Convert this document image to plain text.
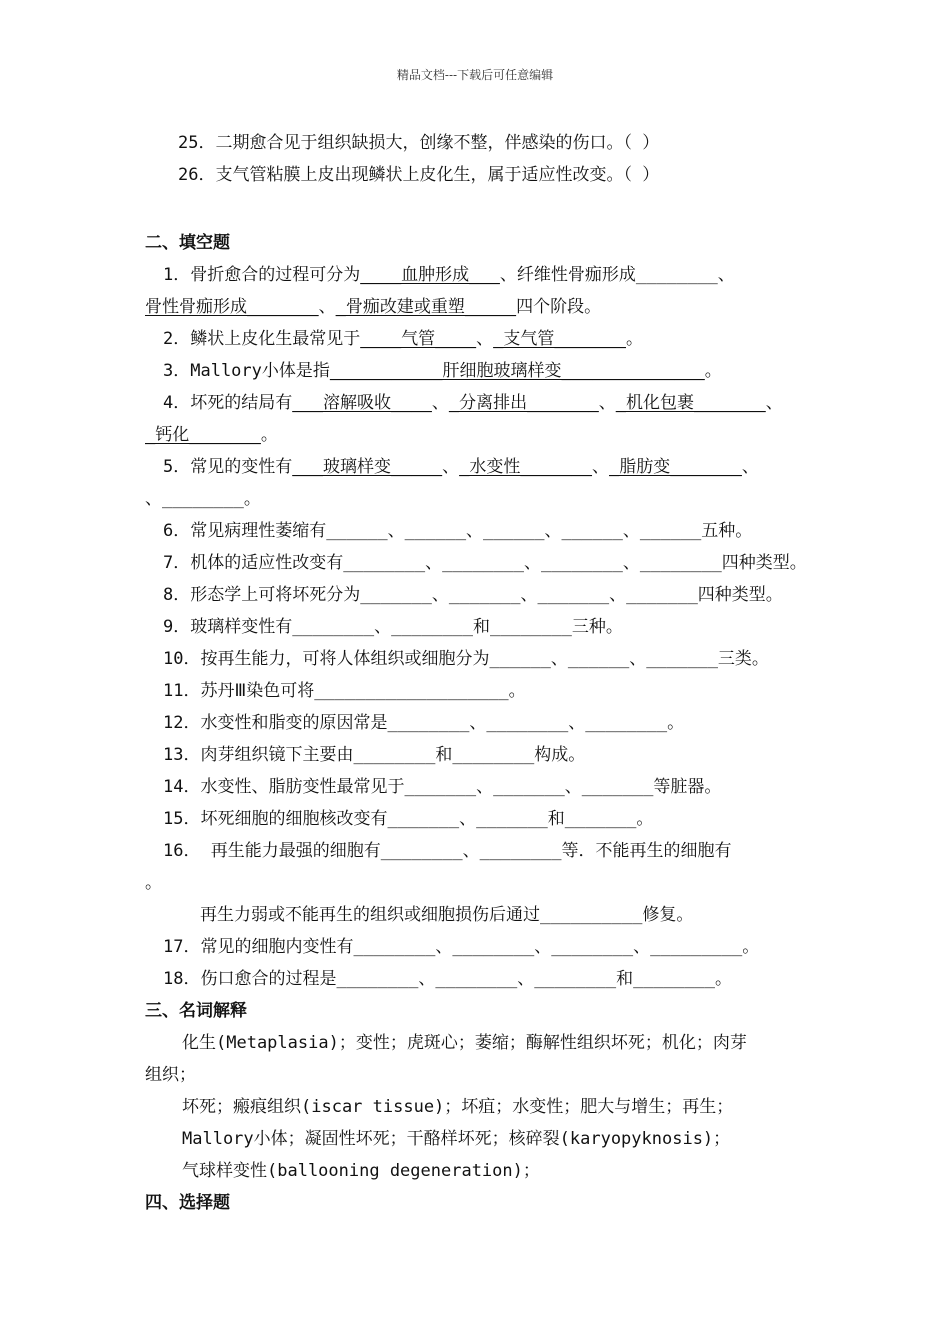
精品文档---下载后可任意编辑
25．二期愈合见于组织缺损大，创缘不整，伴感染的伤口。（ ）
26．支气管粘膜上皮出现鳞状上皮化生，属于适应性改变。（ ）
二、填空题
1．骨折愈合的过程可分为____血肿形成___、纤维性骨痂形成________、
骨性骨痂形成_______、_骨痂改建或重塑_____四个阶段。
2．鳞状上皮化生最常见于____气管____、_支气管_______。
3．Mallory小体是指___________肝细胞玻璃样变______________。
4．坏死的结局有___溶解吸收____、_分离排出_______、_机化包裹_______、
_钙化_______。
5．常见的变性有___玻璃样变_____、_水变性_______、_脂肪变_______、
、________。
6．常见病理性萎缩有______、______、______、______、______五种。
7．机体的适应性改变有________、________、________、________四种类型。
8．形态学上可将坏死分为_______、_______、_______、_______四种类型。
9．玻璃样变性有________、________和________三种。
10．按再生能力，可将人体组织或细胞分为______、______、_______三类。
11．苏丹Ⅲ染色可将___________________。
12．水变性和脂变的原因常是________、________、________。
13．肉芽组织镜下主要由________和________构成。
14．水变性、脂肪变性最常见于_______、_______、_______等脏器。
15．坏死细胞的细胞核改变有_______、_______和_______。
16． 再生能力最强的细胞有________、________等．不能再生的细胞有
。
再生力弱或不能再生的组织或细胞损伤后通过__________修复。
17．常见的细胞内变性有________、________、________、_________。
18．伤口愈合的过程是________、________、________和________。
三、名词解释
化生(Metaplasia)；变性；虎斑心；萎缩；酶解性组织坏死；机化；肉芽
组织；
坏死；瘢痕组织(iscar tissue)；坏疽；水变性；肥大与增生；再生；
Mallory小体；凝固性坏死；干酪样坏死；核碎裂(karyopyknosis)；
气球样变性(ballooning degeneration)；
四、选择题
